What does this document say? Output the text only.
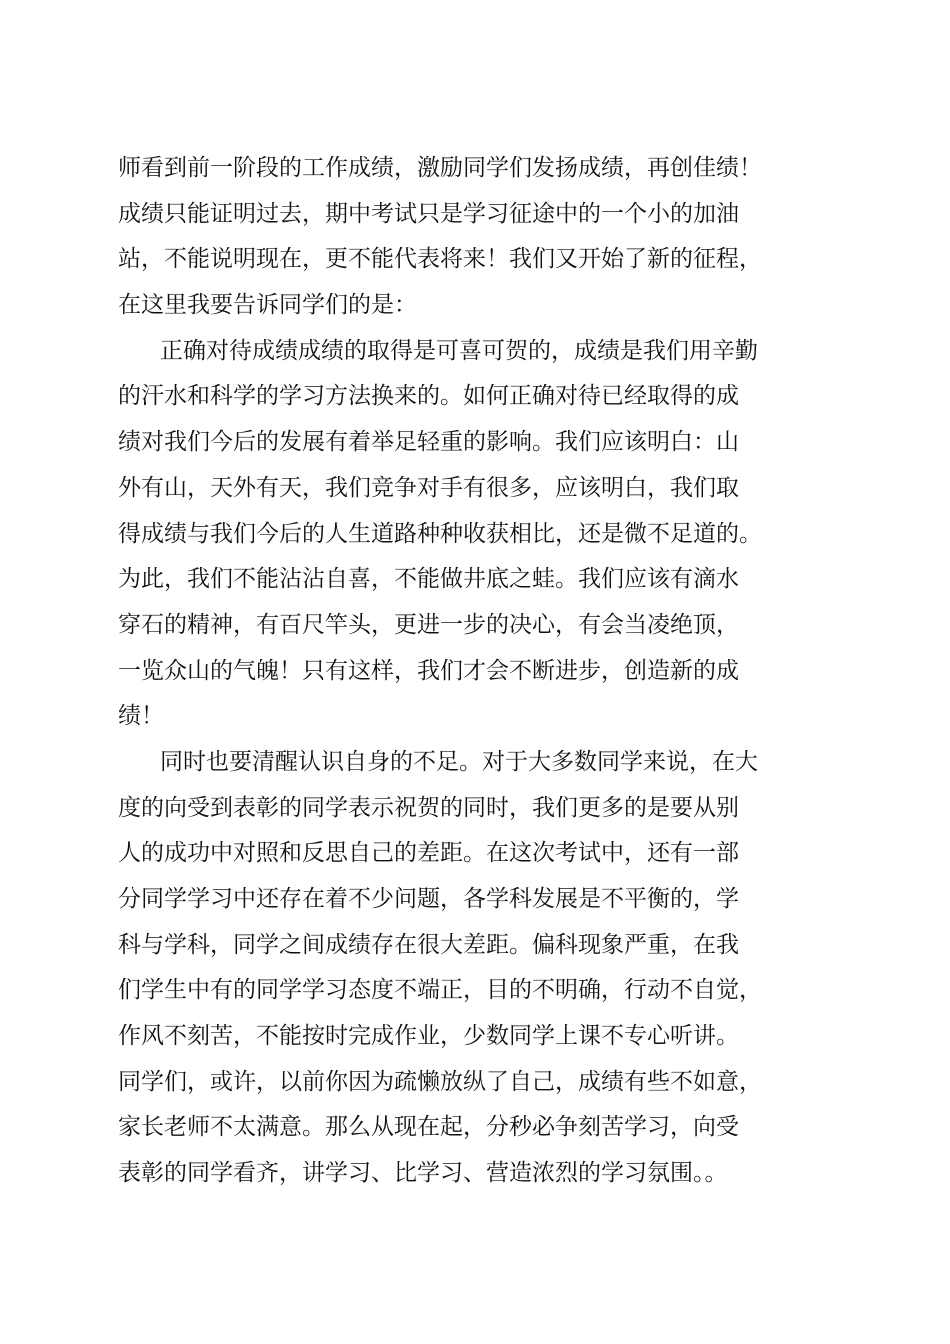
师看到前一阶段的工作成绩，激励同学们发扬成绩，再创佳绩！
成绩只能证明过去，期中考试只是学习征途中的一个小的加油
站，不能说明现在，更不能代表将来！我们又开始了新的征程，
在这里我要告诉同学们的是：
正确对待成绩成绩的取得是可喜可贺的，成绩是我们用辛勤
的汗水和科学的学习方法换来的。如何正确对待已经取得的成
绩对我们今后的发展有着举足轻重的影响。我们应该明白：山
外有山，天外有天，我们竞争对手有很多，应该明白，我们取
得成绩与我们今后的人生道路种种收获相比，还是微不足道的。
为此，我们不能沾沾自喜，不能做井底之蛙。我们应该有滴水
穿石的精神，有百尺竿头，更进一步的决心，有会当凌绝顶，
一览众山的气魄！只有这样，我们才会不断进步，创造新的成
绩！
同时也要清醒认识自身的不足。对于大多数同学来说，在大
度的向受到表彰的同学表示祝贺的同时，我们更多的是要从别
人的成功中对照和反思自己的差距。在这次考试中，还有一部
分同学学习中还存在着不少问题，各学科发展是不平衡的，学
科与学科，同学之间成绩存在很大差距。偏科现象严重，在我
们学生中有的同学学习态度不端正，目的不明确，行动不自觉，
作风不刻苦，不能按时完成作业，少数同学上课不专心听讲。
同学们，或许，以前你因为疏懒放纵了自己，成绩有些不如意，
家长老师不太满意。那么从现在起，分秒必争刻苦学习，向受
表彰的同学看齐，讲学习、比学习、营造浓烈的学习氛围。。
